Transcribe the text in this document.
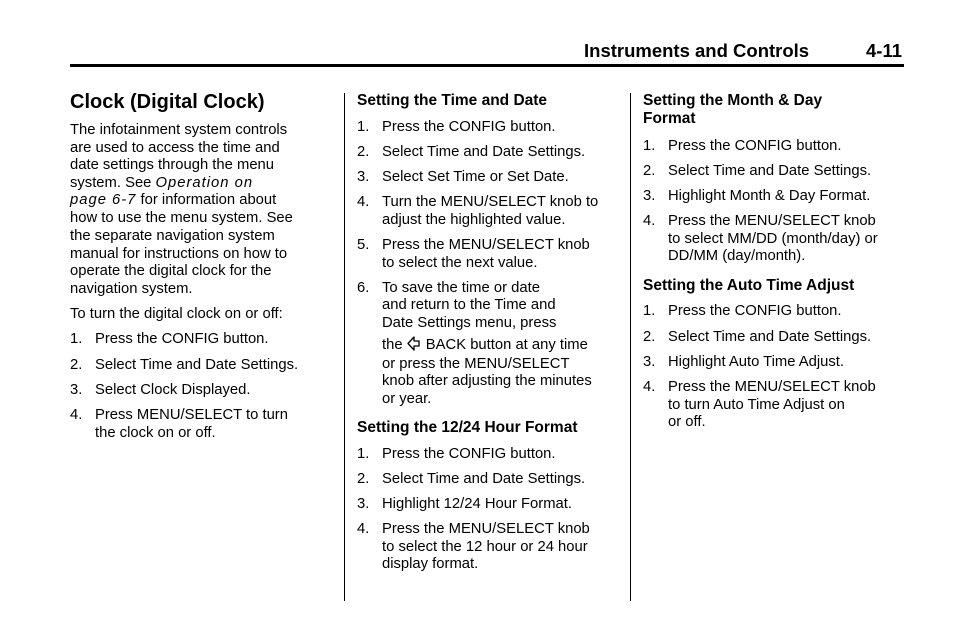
Instruments and Controls	4-11
Clock (Digital Clock)
The infotainment system controls
are used to access the time and
date settings through the menu
system. See Operation on
page 6-7 for information about
how to use the menu system. See
the separate navigation system
manual for instructions on how to
operate the digital clock for the
navigation system.
To turn the digital clock on or off:
1. Press the CONFIG button.
2. Select Time and Date Settings.
3. Select Clock Displayed.
4. Press MENU/SELECT to turn
the clock on or off.
Setting the Time and Date
1. Press the CONFIG button.
2. Select Time and Date Settings.
3. Select Set Time or Set Date.
4. Turn the MENU/SELECT knob to
adjust the highlighted value.
5. Press the MENU/SELECT knob
to select the next value.
6. To save the time or date
and return to the Time and
Date Settings menu, press
the  BACK button at any time
or press the MENU/SELECT
knob after adjusting the minutes
or year.
Setting the 12/24 Hour Format
1. Press the CONFIG button.
2. Select Time and Date Settings.
3. Highlight 12/24 Hour Format.
4. Press the MENU/SELECT knob
to select the 12 hour or 24 hour
display format.
Setting the Month & Day
Format
1. Press the CONFIG button.
2. Select Time and Date Settings.
3. Highlight Month & Day Format.
4. Press the MENU/SELECT knob
to select MM/DD (month/day) or
DD/MM (day/month).
Setting the Auto Time Adjust
1. Press the CONFIG button.
2. Select Time and Date Settings.
3. Highlight Auto Time Adjust.
4. Press the MENU/SELECT knob
to turn Auto Time Adjust on
or off.
